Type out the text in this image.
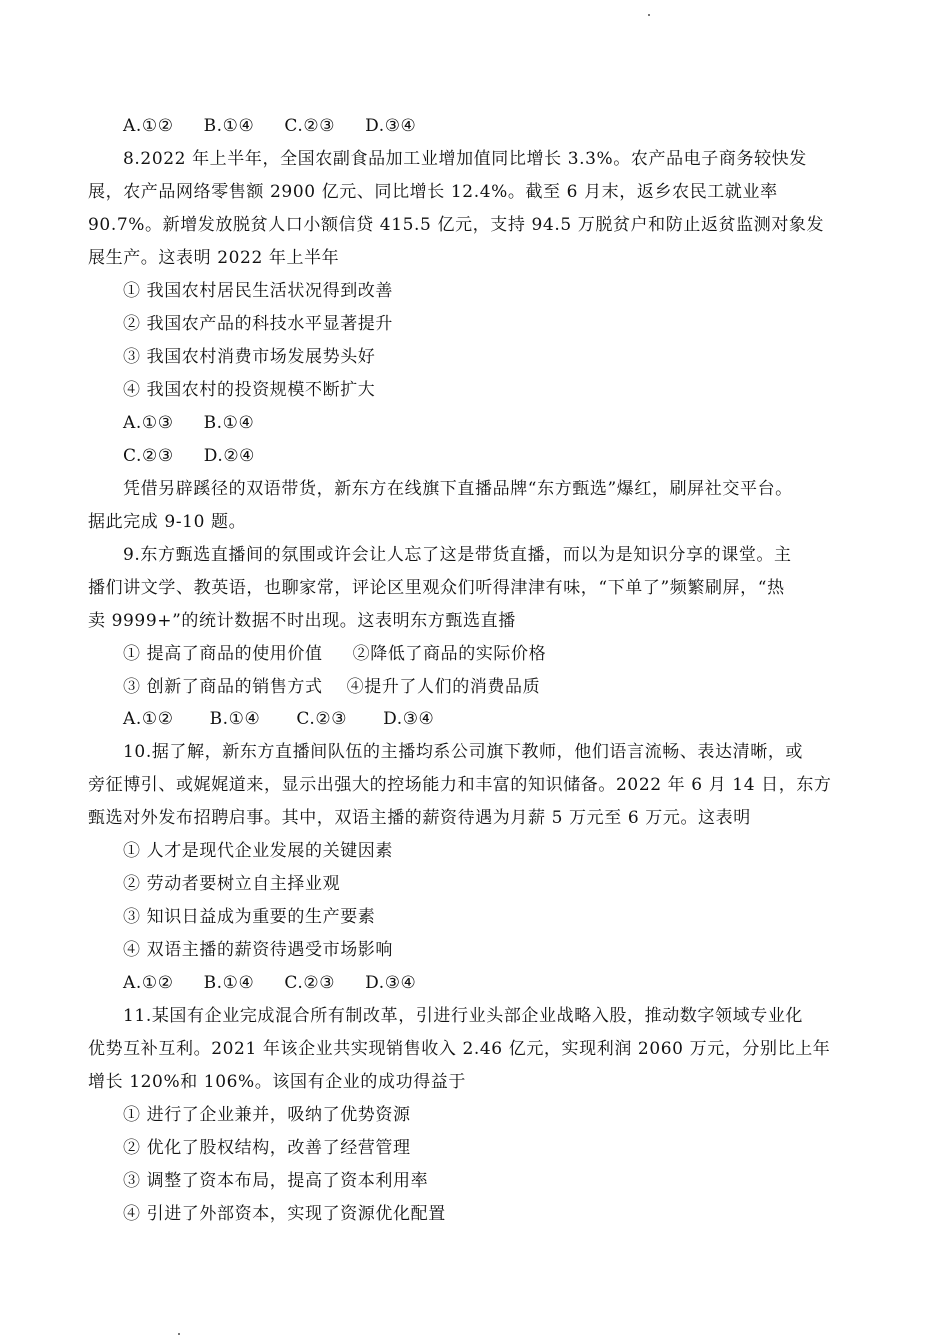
A.①②     B.①④     C.②③     D.③④
8.2022 年上半年，全国农副食品加工业增加值同比增长 3.3%。农产品电子商务较快发
展，农产品网络零售额 2900 亿元、同比增长 12.4%。截至 6 月末，返乡农民工就业率
90.7%。新增发放脱贫人口小额信贷 415.5 亿元，支持 94.5 万脱贫户和防止返贫监测对象发
展生产。这表明 2022 年上半年
① 我国农村居民生活状况得到改善
② 我国农产品的科技水平显著提升
③ 我国农村消费市场发展势头好
④ 我国农村的投资规模不断扩大
A.①③     B.①④
C.②③     D.②④
凭借另辟蹊径的双语带货，新东方在线旗下直播品牌“东方甄选”爆红，刷屏社交平台。
据此完成 9-10 题。
9.东方甄选直播间的氛围或许会让人忘了这是带货直播，而以为是知识分享的课堂。主
播们讲文学、教英语，也聊家常，评论区里观众们听得津津有味，“下单了”频繁刷屏，“热
卖 9999+”的统计数据不时出现。这表明东方甄选直播
① 提高了商品的使用价值     ②降低了商品的实际价格
③ 创新了商品的销售方式    ④提升了人们的消费品质
A.①②      B.①④      C.②③      D.③④
10.据了解，新东方直播间队伍的主播均系公司旗下教师，他们语言流畅、表达清晰，或
旁征博引、或娓娓道来，显示出强大的控场能力和丰富的知识储备。2022 年 6 月 14 日，东方
甄选对外发布招聘启事。其中，双语主播的薪资待遇为月薪 5 万元至 6 万元。这表明
① 人才是现代企业发展的关键因素
② 劳动者要树立自主择业观
③ 知识日益成为重要的生产要素
④ 双语主播的薪资待遇受市场影响
A.①②     B.①④     C.②③     D.③④
11.某国有企业完成混合所有制改革，引进行业头部企业战略入股，推动数字领域专业化
优势互补互利。2021 年该企业共实现销售收入 2.46 亿元，实现利润 2060 万元，分别比上年
增长 120%和 106%。该国有企业的成功得益于
① 进行了企业兼并，吸纳了优势资源
② 优化了股权结构，改善了经营管理
③ 调整了资本布局，提高了资本利用率
④ 引进了外部资本，实现了资源优化配置
